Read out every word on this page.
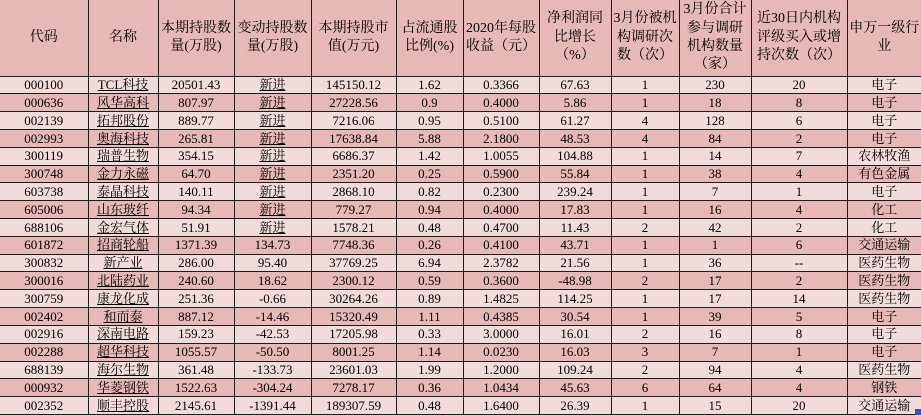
代码	名称	本期持股数量(万股)	变动持股数量(万股)	本期持股市值(万元)	占流通股比例(%)	2020年每股收益（元）	净利润同比增长（%）	3月份被机构调研次数（次）	3月份合计参与调研机构数量（家）	近30日内机构评级买入或增持次数（次）	申万一级行业
000100	TCL科技	20501.43	新进	145150.12	1.62	0.3366	67.63	1	230	20	电子
000636	风华高科	807.97	新进	27228.56	0.9	0.4000	5.86	1	18	8	电子
002139	拓邦股份	889.77	新进	7216.06	0.95	0.5100	61.27	4	128	6	电子
002993	奥海科技	265.81	新进	17638.84	5.88	2.1800	48.53	4	84	2	电子
300119	瑞普生物	354.15	新进	6686.37	1.42	1.0055	104.88	1	14	7	农林牧渔
300748	金力永磁	64.70	新进	2351.20	0.25	0.5900	55.84	1	38	4	有色金属
603738	泰晶科技	140.11	新进	2868.10	0.82	0.2300	239.24	1	7	1	电子
605006	山东玻纤	94.34	新进	779.27	0.94	0.4000	17.83	1	16	4	化工
688106	金宏气体	51.91	新进	1578.21	0.48	0.4700	11.43	2	42	2	化工
601872	招商轮船	1371.39	134.73	7748.36	0.26	0.4100	43.71	1	1	6	交通运输
300832	新产业	286.00	95.40	37769.25	6.94	2.3782	21.56	1	36	--	医药生物
300016	北陆药业	240.60	18.62	2300.12	0.59	0.3600	-48.98	2	17	2	医药生物
300759	康龙化成	251.36	-0.66	30264.26	0.89	1.4825	114.25	1	17	14	医药生物
002402	和而泰	887.12	-14.46	15320.49	1.11	0.4385	30.54	1	39	5	电子
002916	深南电路	159.23	-42.53	17205.98	0.33	3.0000	16.01	2	16	8	电子
002288	超华科技	1055.57	-50.50	8001.25	1.14	0.0230	16.03	3	7	1	电子
688139	海尔生物	361.48	-133.73	23601.03	1.99	1.2000	109.24	2	94	4	医药生物
000932	华菱钢铁	1522.63	-304.24	7278.17	0.36	1.0434	45.63	6	64	4	钢铁
002352	顺丰控股	2145.61	-1391.44	189307.59	0.48	1.6400	26.39	1	15	20	交通运输
